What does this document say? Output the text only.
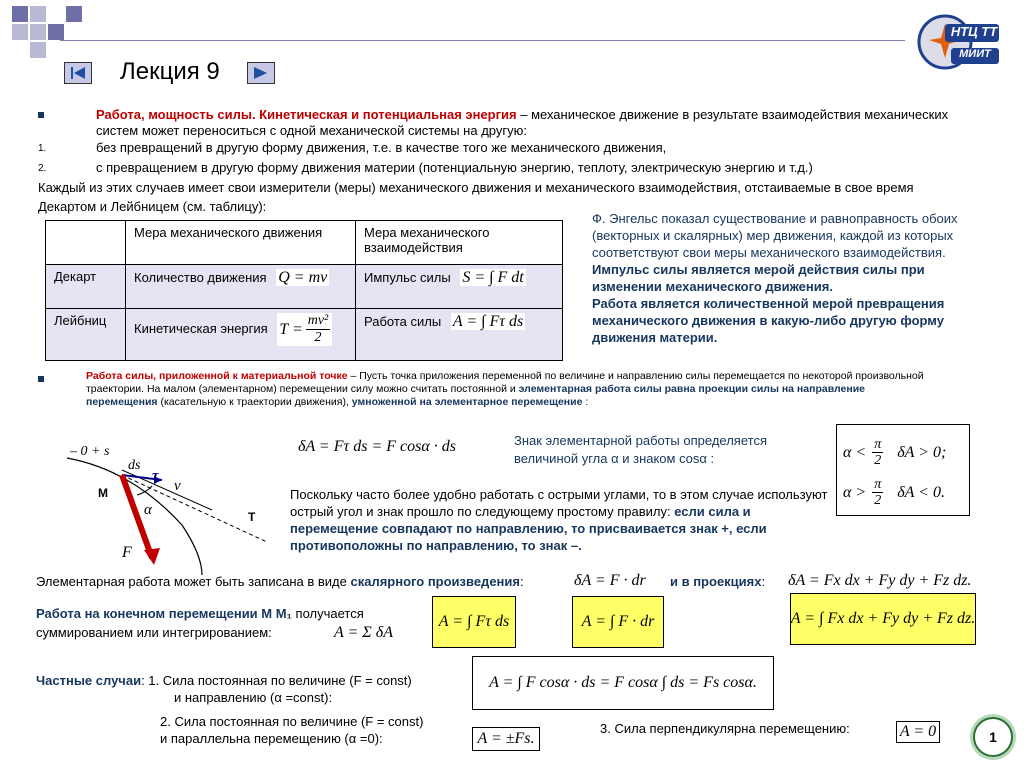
Лекция 9
НТЦ ТТ
МИИТ
Работа, мощность силы. Кинетическая и потенциальная энергия – механическое движение в результате взаимодействия механических систем может переноситься с одной механической системы на другую:
1.	без превращений в другую форму движения, т.е. в качестве того же механического движения,
2.	с превращением в другую форму движения материи (потенциальную энергию, теплоту, электрическую энергию и т.д.)
Каждый из этих случаев имеет свои измерители (меры) механического движения и механического взаимодействия, отстаиваемые в свое время Декартом и Лейбницем (см. таблицу):
	Мера механического движения	Мера механического взаимодействия
Декарт	Количество движения Q = mv	Импульс силы S = ∫ F dt
Лейбниц	Кинетическая энергия $T = \frac{\text{mv²}}{2}$	Работа силы A = ∫ Fτ ds
Ф. Энгельс показал существование и равноправность обоих (векторных и скалярных) мер движения, каждой из которых соответствуют свои меры механического взаимодействия.
Импульс силы является мерой действия силы при изменении механического движения.
Работа является количественной мерой превращения механического движения в какую-либо другую форму движения материи.
Работа силы, приложенной к материальной точке – Пусть точка приложения переменной по величине и направлению силы перемещается по некоторой произвольной траектории. На малом (элементарном) перемещении силу можно считать постоянной и элементарная работа силы равна проекции силы на направление перемещения (касательную к траектории движения), умноженной на элементарное перемещение :
– 0 + s
ds
τ
v
M
α	T
F
δA = Fτ ds = F cosα · ds	Знак элементарной работы определяется величиной угла α и знаком cosα :	$\alpha < \frac{\pi}{2}$ δA > 0;
$\alpha > \frac{\pi}{2}$ δA < 0.
Поскольку часто более удобно работать с острыми углами, то в этом случае используют острый угол и знак прошло по следующему простому правилу: если сила и перемещение совпадают по направлению, то присваивается знак +, если противоположны по направлению, то знак –.
Элементарная работа может быть записана в виде скалярного произведения:	δA = F · dr и в проекциях: δA = Fx dx + Fy dy + Fz dz.
Работа на конечном перемещении M M₁ получается суммированием или интегрированием:	A = Σ δA
A = ∫ Fτ ds	A = ∫ F · dr	A = ∫ Fx dx + Fy dy + Fz dz.
Частные случаи: 1. Сила постоянная по величине (F = const)
и направлению (α =const):
A = ∫ F cosα · ds = F cosα ∫ ds = Fs cosα.
2. Сила постоянная по величине (F = const)
и параллельна перемещению (α =0):	A = ±Fs.
3. Сила перпендикулярна перемещению:	A = 0	1
